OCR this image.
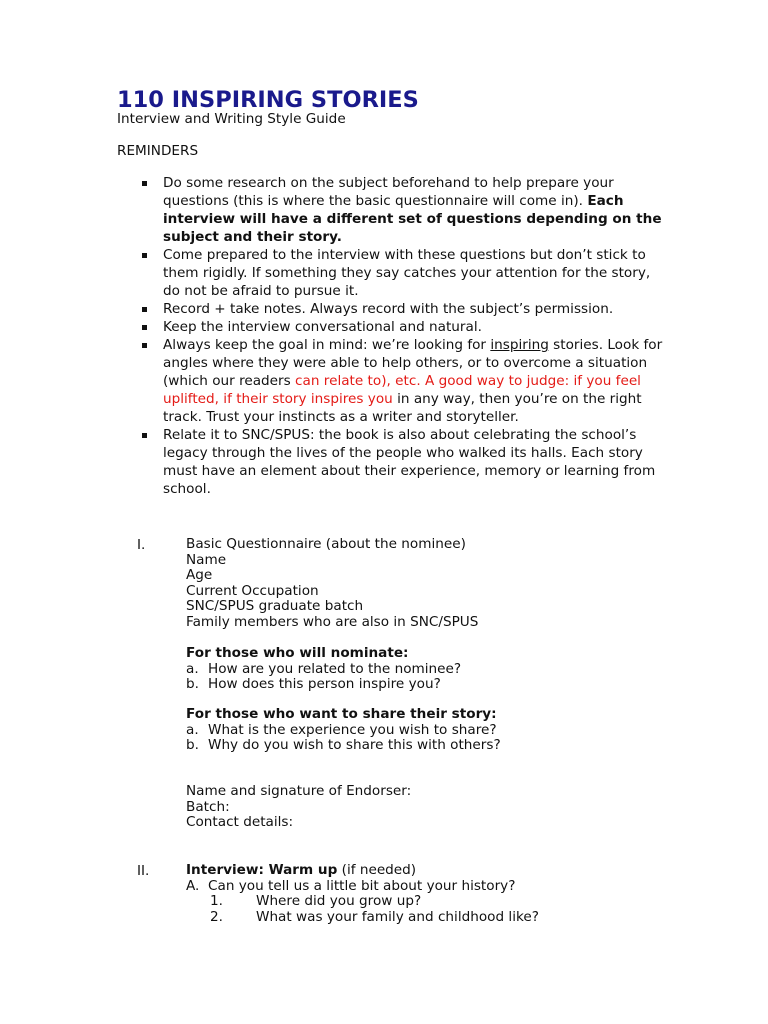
110 INSPIRING STORIES

Interview and Writing Style Guide

REMINDERS

Do some research on the subject beforehand to help prepare your questions (this is where the basic questionnaire will come in). Each interview will have a different set of questions depending on the subject and their story.
Come prepared to the interview with these questions but don’t stick to them rigidly. If something they say catches your attention for the story, do not be afraid to pursue it.
Record + take notes. Always record with the subject’s permission.
Keep the interview conversational and natural.
Always keep the goal in mind: we’re looking for inspiring stories. Look for angles where they were able to help others, or to overcome a situation (which our readers can relate to), etc. A good way to judge: if you feel uplifted, if their story inspires you in any way, then you’re on the right track. Trust your instincts as a writer and storyteller.
Relate it to SNC/SPUS: the book is also about celebrating the school’s legacy through the lives of the people who walked its halls. Each story must have an element about their experience, memory or learning from school.

I.	Basic Questionnaire (about the nominee)

Name

Age

Current Occupation

SNC/SPUS graduate batch

Family members who are also in SNC/SPUS

For those who will nominate:

a. How are you related to the nominee?
b. How does this person inspire you?

For those who want to share their story:

a. What is the experience you wish to share?
b. Why do you wish to share this with others?

Name and signature of Endorser:

Batch:

Contact details:

II.	Interview: Warm up (if needed)

A. Can you tell us a little bit about your history?
1.	Where did you grow up?
2.	What was your family and childhood like?
